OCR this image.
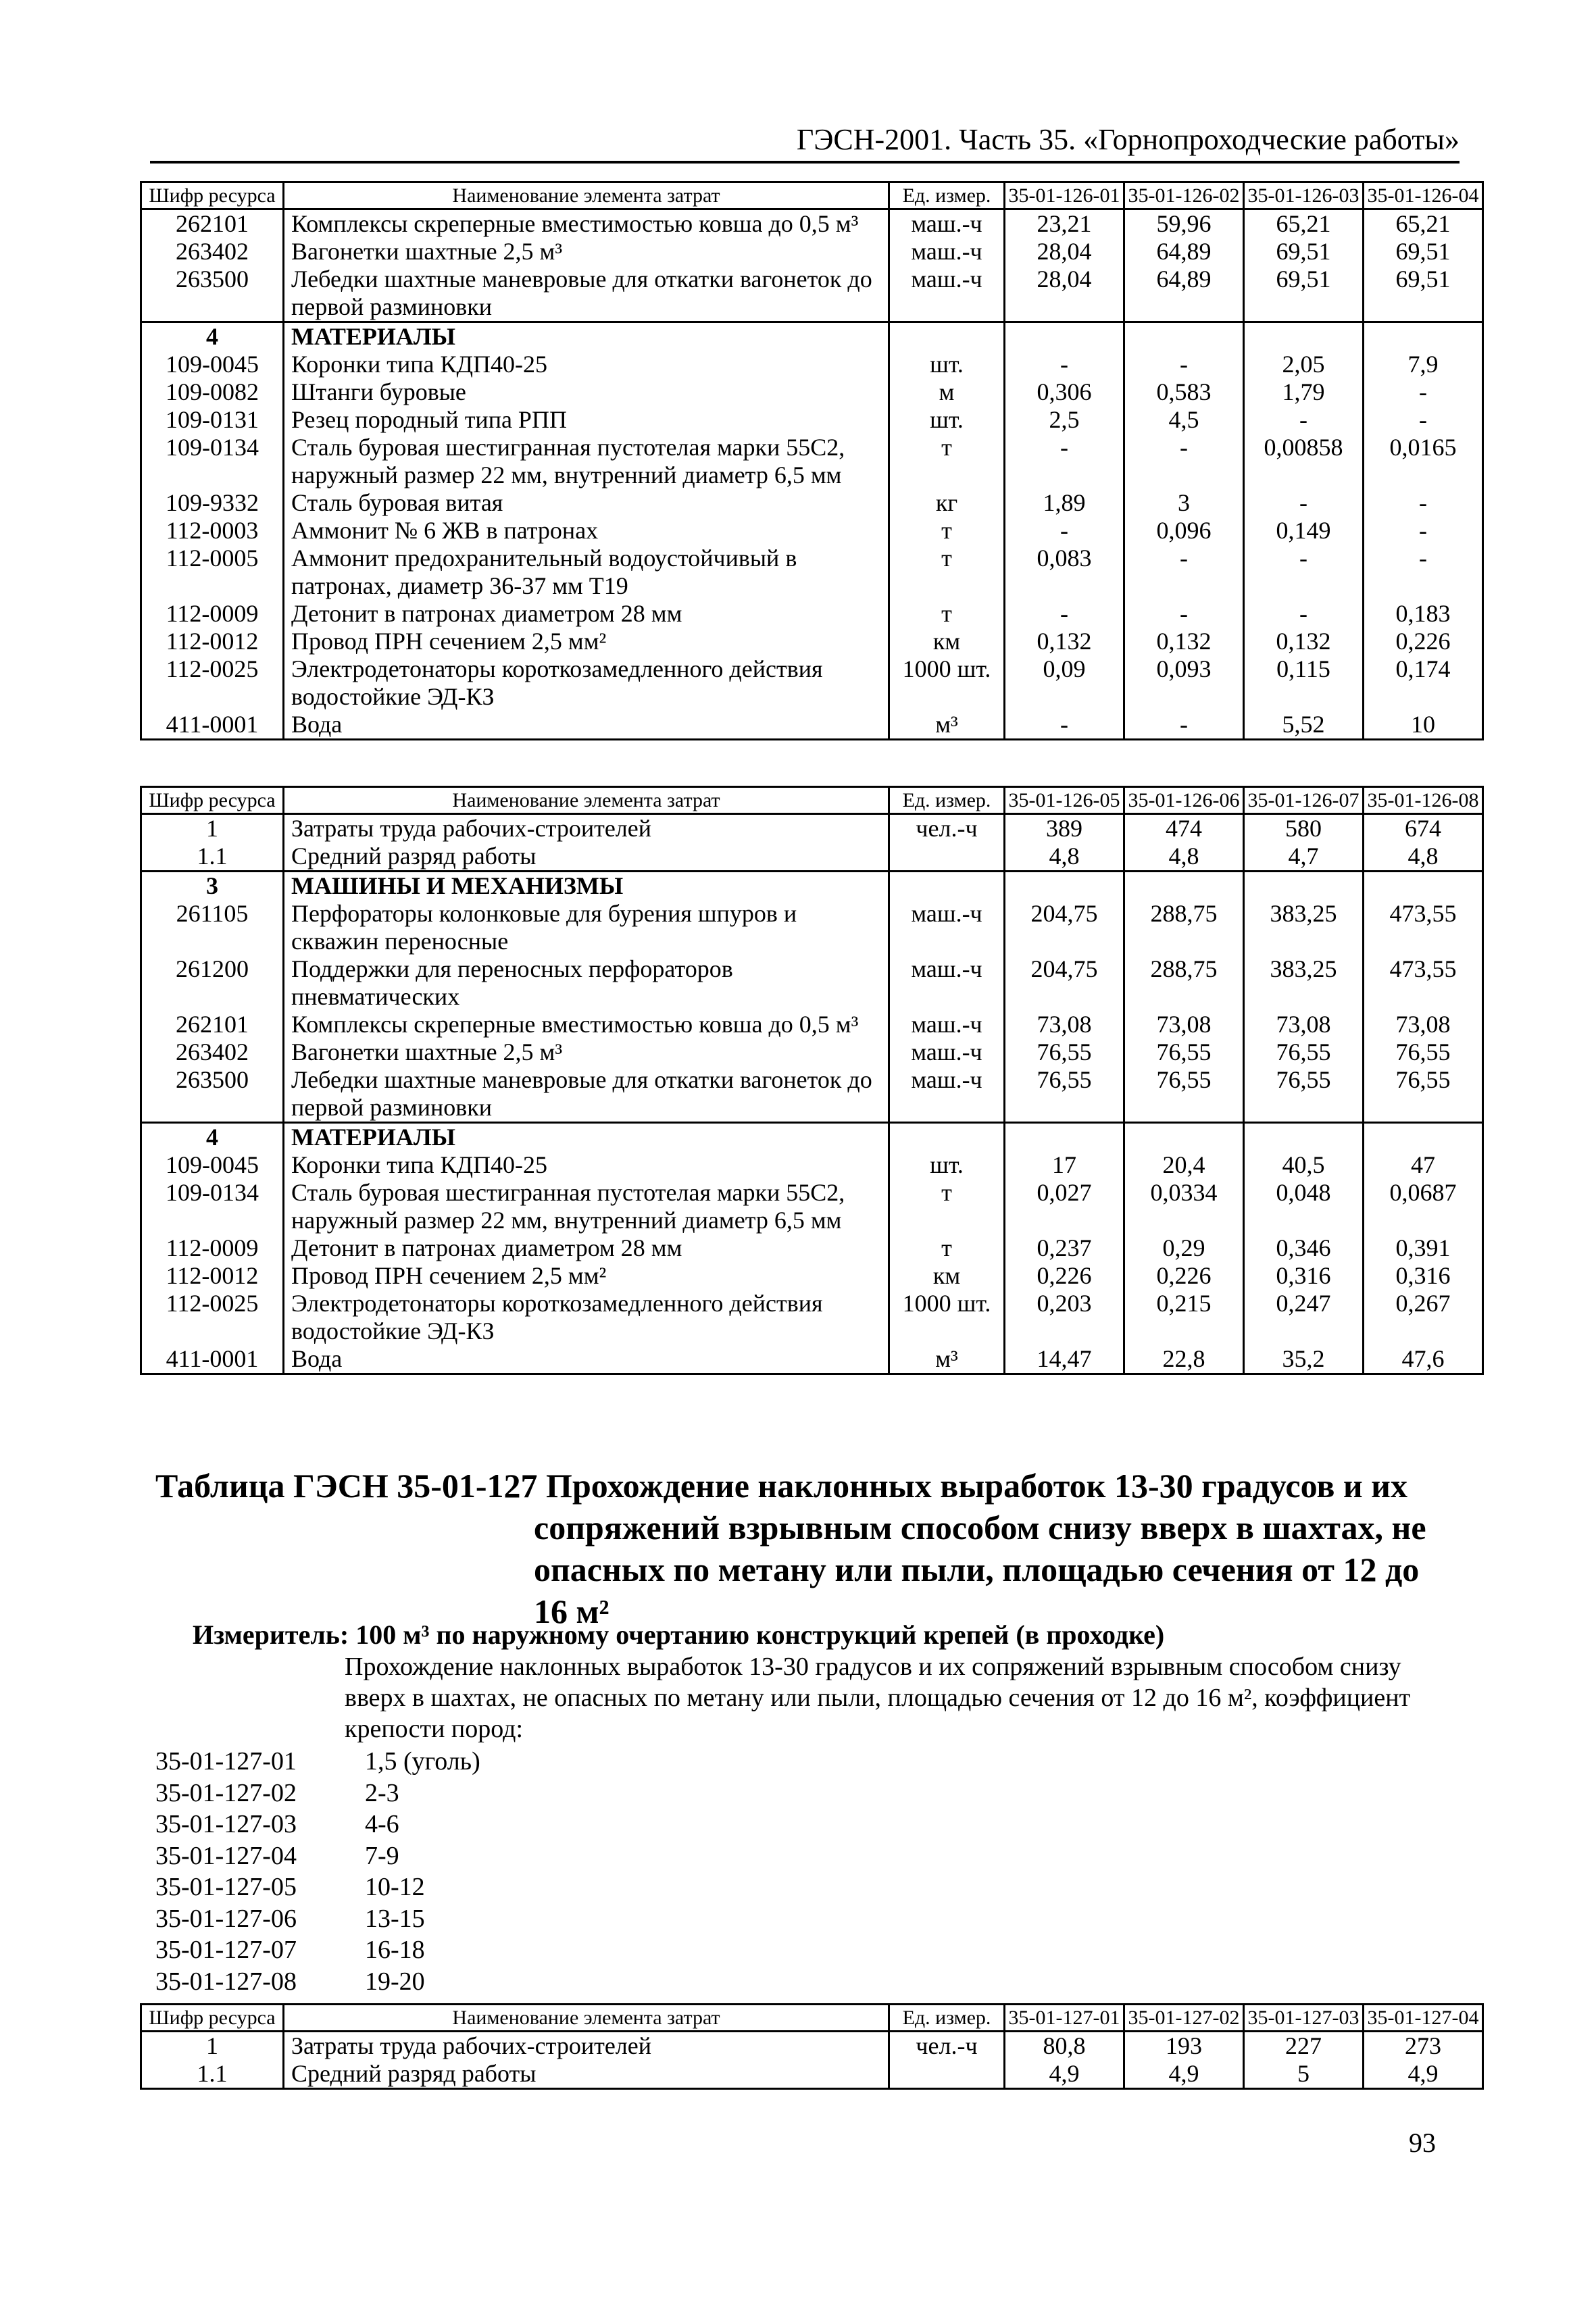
ГЭСН-2001. Часть 35. «Горнопроходческие работы»
Шифр ресурса	Наименование элемента затрат	Ед. измер.	35-01-126-01	35-01-126-02	35-01-126-03	35-01-126-04
262101	Комплексы скреперные вместимостью ковша до 0,5 м³	маш.-ч	23,21	59,96	65,21	65,21
263402	Вагонетки шахтные 2,5 м³	маш.-ч	28,04	64,89	69,51	69,51
263500	Лебедки шахтные маневровые для откатки вагонеток до первой разминовки	маш.-ч	28,04	64,89	69,51	69,51
4	МАТЕРИАЛЫ					
109-0045	Коронки типа КДП40-25	шт.	-	-	2,05	7,9
109-0082	Штанги буровые	м	0,306	0,583	1,79	-
109-0131	Резец породный типа РПП	шт.	2,5	4,5	-	-
109-0134	Сталь буровая шестигранная пустотелая марки 55С2, наружный размер 22 мм, внутренний диаметр 6,5 мм	т	-	-	0,00858	0,0165
109-9332	Сталь буровая витая	кг	1,89	3	-	-
112-0003	Аммонит № 6 ЖВ в патронах	т	-	0,096	0,149	-
112-0005	Аммонит предохранительный водоустойчивый в патронах, диаметр 36-37 мм Т19	т	0,083	-	-	-
112-0009	Детонит в патронах диаметром 28 мм	т	-	-	-	0,183
112-0012	Провод ПРН сечением 2,5 мм²	км	0,132	0,132	0,132	0,226
112-0025	Электродетонаторы короткозамедленного действия водостойкие ЭД-КЗ	1000 шт.	0,09	0,093	0,115	0,174
411-0001	Вода	м³	-	-	5,52	10
Шифр ресурса	Наименование элемента затрат	Ед. измер.	35-01-126-05	35-01-126-06	35-01-126-07	35-01-126-08
1	Затраты труда рабочих-строителей	чел.-ч	389	474	580	674
1.1	Средний разряд работы		4,8	4,8	4,7	4,8
3	МАШИНЫ И МЕХАНИЗМЫ					
261105	Перфораторы колонковые для бурения шпуров и скважин переносные	маш.-ч	204,75	288,75	383,25	473,55
261200	Поддержки для переносных перфораторов пневматических	маш.-ч	204,75	288,75	383,25	473,55
262101	Комплексы скреперные вместимостью ковша до 0,5 м³	маш.-ч	73,08	73,08	73,08	73,08
263402	Вагонетки шахтные 2,5 м³	маш.-ч	76,55	76,55	76,55	76,55
263500	Лебедки шахтные маневровые для откатки вагонеток до первой разминовки	маш.-ч	76,55	76,55	76,55	76,55
4	МАТЕРИАЛЫ					
109-0045	Коронки типа КДП40-25	шт.	17	20,4	40,5	47
109-0134	Сталь буровая шестигранная пустотелая марки 55С2, наружный размер 22 мм, внутренний диаметр 6,5 мм	т	0,027	0,0334	0,048	0,0687
112-0009	Детонит в патронах диаметром 28 мм	т	0,237	0,29	0,346	0,391
112-0012	Провод ПРН сечением 2,5 мм²	км	0,226	0,226	0,316	0,316
112-0025	Электродетонаторы короткозамедленного действия водостойкие ЭД-КЗ	1000 шт.	0,203	0,215	0,247	0,267
411-0001	Вода	м³	14,47	22,8	35,2	47,6
Таблица ГЭСН 35-01-127 Прохождение наклонных выработок 13-30 градусов и их
сопряжений взрывным способом снизу вверх в шахтах, не опасных по метану или пыли, площадью сечения от 12 до 16 м²
Измеритель: 100 м³ по наружному очертанию конструкций крепей (в проходке)
Прохождение наклонных выработок 13-30 градусов и их сопряжений взрывным способом снизу вверх в шахтах, не опасных по метану или пыли, площадью сечения от 12 до 16 м², коэффициент крепости пород:
35-01-127-01	1,5 (уголь)
35-01-127-02	2-3
35-01-127-03	4-6
35-01-127-04	7-9
35-01-127-05	10-12
35-01-127-06	13-15
35-01-127-07	16-18
35-01-127-08	19-20
Шифр ресурса	Наименование элемента затрат	Ед. измер.	35-01-127-01	35-01-127-02	35-01-127-03	35-01-127-04
1	Затраты труда рабочих-строителей	чел.-ч	80,8	193	227	273
1.1	Средний разряд работы		4,9	4,9	5	4,9
93
